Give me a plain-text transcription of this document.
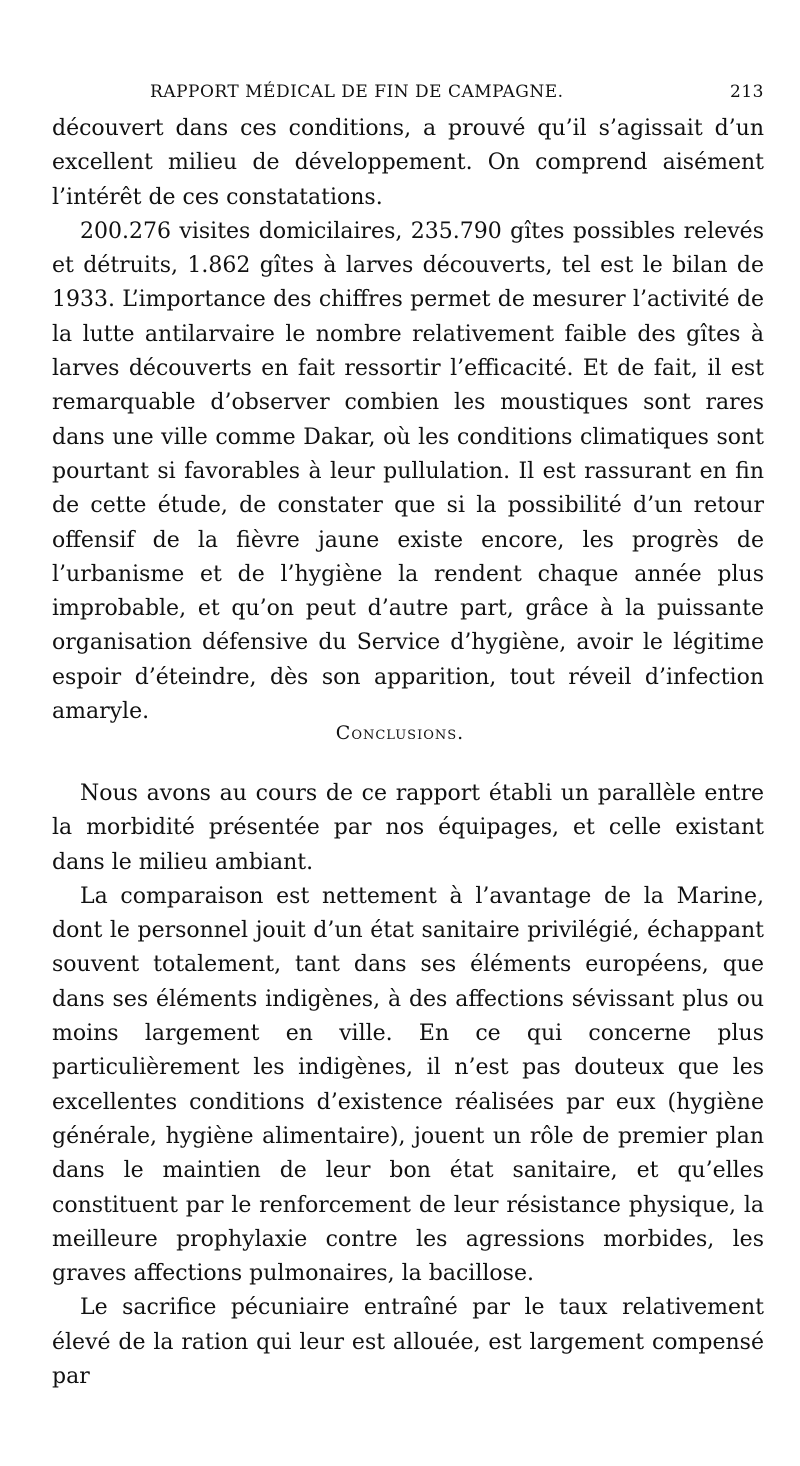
RAPPORT MÉDICAL DE FIN DE CAMPAGNE.	213

découvert dans ces conditions, a prouvé qu’il s’agissait d’un excellent milieu de développement. On comprend aisément l’intérêt de ces constatations.

200.276 visites domicilaires, 235.790 gîtes possibles relevés et détruits, 1.862 gîtes à larves découverts, tel est le bilan de 1933. L’importance des chiffres permet de mesurer l’activité de la lutte antilarvaire le nombre relativement faible des gîtes à larves découverts en fait ressortir l’efficacité. Et de fait, il est remarquable d’observer combien les moustiques sont rares dans une ville comme Dakar, où les conditions climatiques sont pourtant si favorables à leur pullulation. Il est rassurant en fin de cette étude, de constater que si la possibilité d’un retour offensif de la fièvre jaune existe encore, les progrès de l’urbanisme et de l’hygiène la rendent chaque année plus improbable, et qu’on peut d’autre part, grâce à la puissante organisation défensive du Service d’hygiène, avoir le légitime espoir d’éteindre, dès son apparition, tout réveil d’infection amaryle.

Conclusions.

Nous avons au cours de ce rapport établi un parallèle entre la morbidité présentée par nos équipages, et celle existant dans le milieu ambiant.

La comparaison est nettement à l’avantage de la Marine, dont le personnel jouit d’un état sanitaire privilégié, échappant souvent totalement, tant dans ses éléments européens, que dans ses éléments indigènes, à des affections sévissant plus ou moins largement en ville. En ce qui concerne plus particulièrement les indigènes, il n’est pas douteux que les excellentes conditions d’existence réalisées par eux (hygiène générale, hygiène alimentaire), jouent un rôle de premier plan dans le maintien de leur bon état sanitaire, et qu’elles constituent par le renforcement de leur résistance physique, la meilleure prophylaxie contre les agressions morbides, les graves affections pulmonaires, la bacillose.

Le sacrifice pécuniaire entraîné par le taux relativement élevé de la ration qui leur est allouée, est largement compensé par
